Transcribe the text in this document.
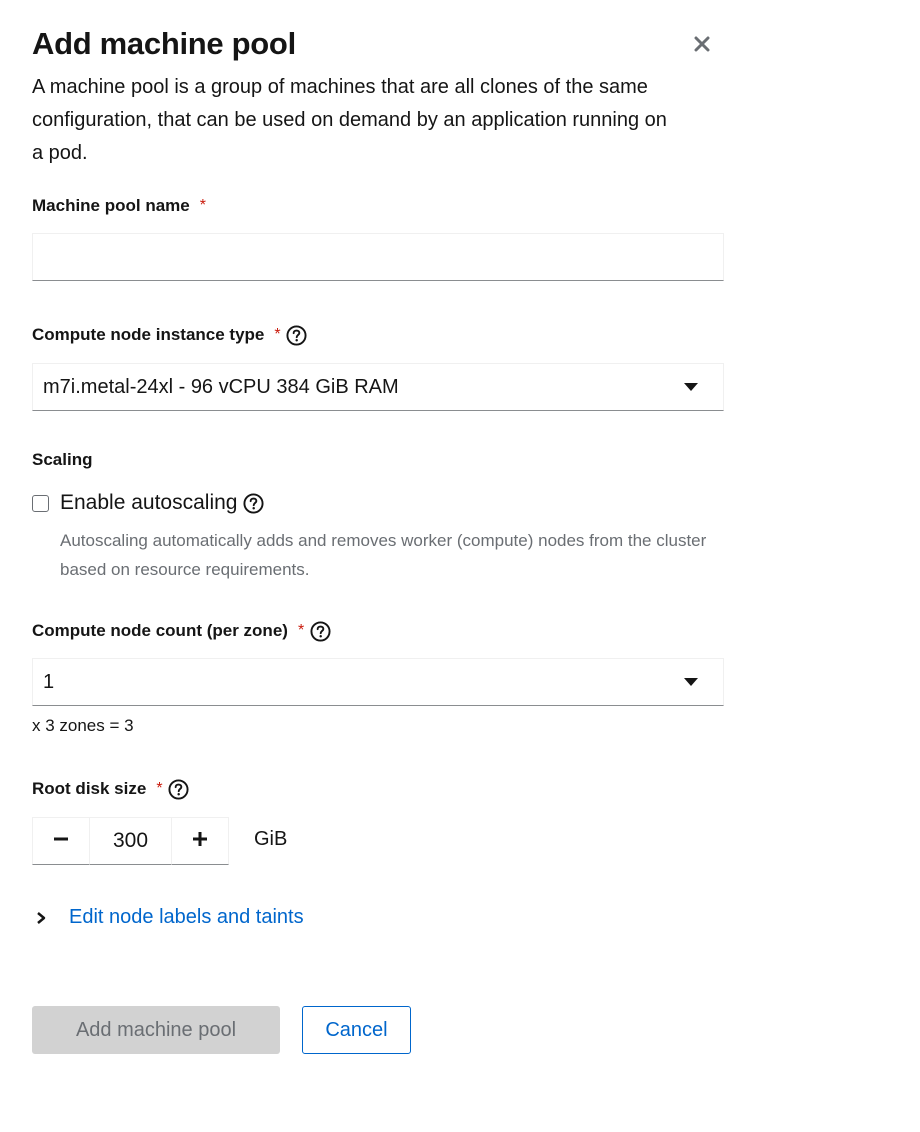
Add machine pool

A machine pool is a group of machines that are all clones of the same configuration, that can be used on demand by an application running on a pod.

Machine pool name *
Compute node instance type *
m7i.metal-24xl - 96 vCPU 384 GiB RAM
Scaling
Enable autoscaling
Autoscaling automatically adds and removes worker (compute) nodes from the cluster based on resource requirements.
Compute node count (per zone) *
1
x 3 zones = 3
Root disk size *
300	GiB
Edit node labels and taints
Add machine pool	Cancel
